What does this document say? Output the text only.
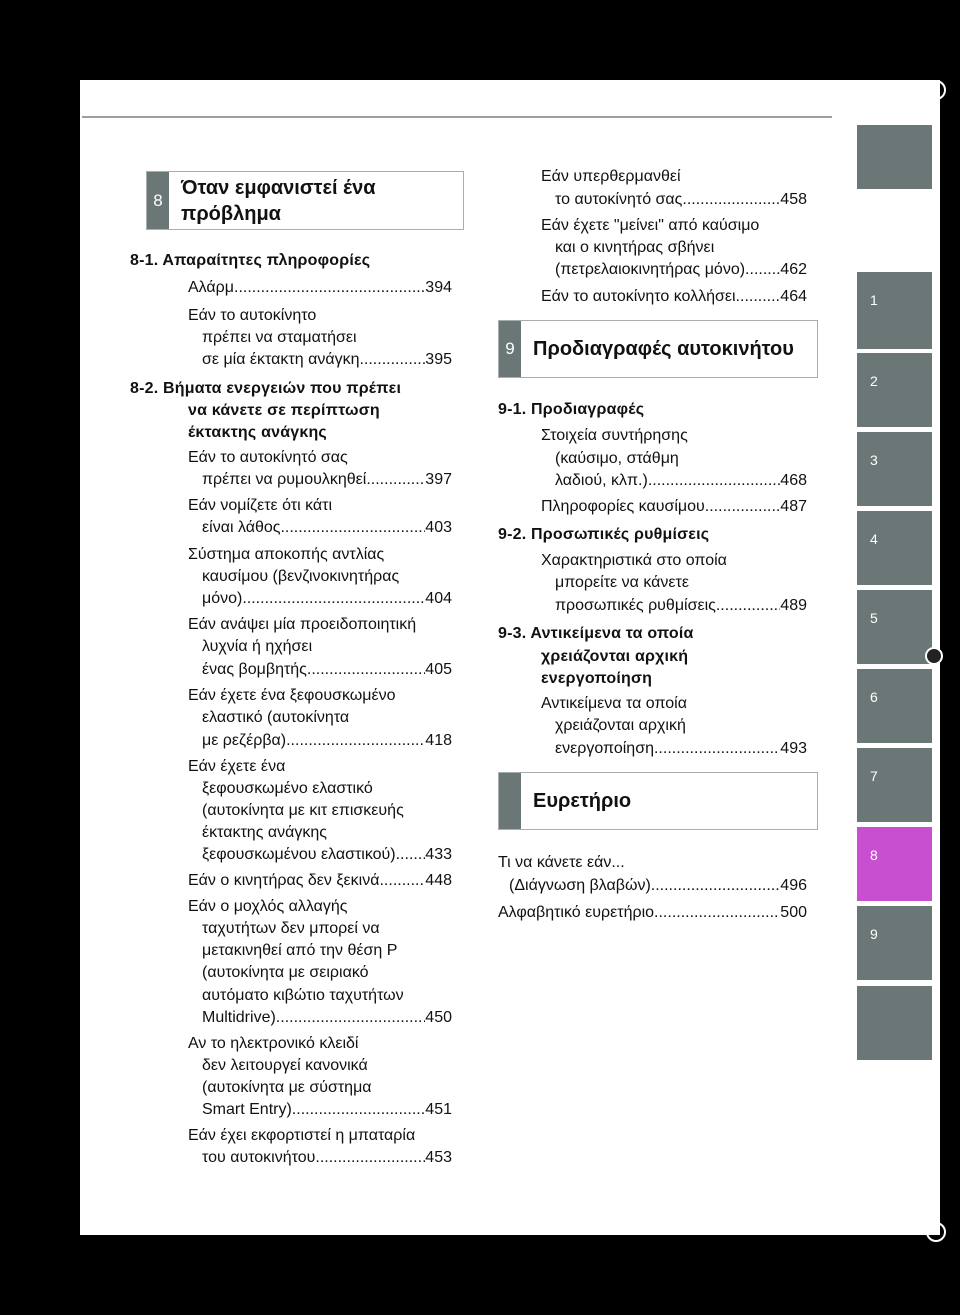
8
Όταν εμφανιστεί ένα
πρόβλημα
8-1. Απαραίτητες πληροφορίες
Αλάρμ .....	394
Εάν το αυτοκίνητο
πρέπει να σταματήσει
σε μία έκτακτη ανάγκη .....	395
8-2. Βήματα ενεργειών που πρέπει
να κάνετε σε περίπτωση
έκτακτης ανάγκης
Εάν το αυτοκίνητό σας
πρέπει να ρυμουλκηθεί .....	397
Εάν νομίζετε ότι κάτι
είναι λάθος .....	403
Σύστημα αποκοπής αντλίας
καυσίμου (βενζινοκινητήρας
μόνο) .....	404
Εάν ανάψει μία προειδοποιητική
λυχνία ή ηχήσει
ένας βομβητής .....	405
Εάν έχετε ένα ξεφουσκωμένο
ελαστικό (αυτοκίνητα
με ρεζέρβα) .....	418
Εάν έχετε ένα
ξεφουσκωμένο ελαστικό
(αυτοκίνητα με κιτ επισκευής
έκτακτης ανάγκης
ξεφουσκωμένου ελαστικού) ..... 433
Εάν ο κινητήρας δεν ξεκινά .....	448
Εάν ο μοχλός αλλαγής
ταχυτήτων δεν μπορεί να
μετακινηθεί από την θέση P
(αυτοκίνητα με σειριακό
αυτόματο κιβώτιο ταχυτήτων
Multidrive) .....	450
Αν το ηλεκτρονικό κλειδί
δεν λειτουργεί κανονικά
(αυτοκίνητα με σύστημα
Smart Entry) .....	451
Εάν έχει εκφορτιστεί η μπαταρία
του αυτοκινήτου .....	453
Εάν υπερθερμανθεί
το αυτοκίνητό σας .....	458
Εάν έχετε "μείνει" από καύσιμο
και ο κινητήρας σβήνει
(πετρελαιοκινητήρας μόνο) ..... 462
Εάν το αυτοκίνητο κολλήσει .....	464
9 Προδιαγραφές αυτοκινήτου
9-1. Προδιαγραφές
Στοιχεία συντήρησης
(καύσιμο, στάθμη
λαδιού, κλπ.) .....	468
Πληροφορίες καυσίμου .....	487
9-2. Προσωπικές ρυθμίσεις
Χαρακτηριστικά στο οποία
μπορείτε να κάνετε
προσωπικές ρυθμίσεις .....	489
9-3. Αντικείμενα τα οποία
χρειάζονται αρχική
ενεργοποίηση
Αντικείμενα τα οποία
χρειάζονται αρχική
ενεργοποίηση .....	493
Ευρετήριο
Τι να κάνετε εάν...
(Διάγνωση βλαβών) .....	496
Αλφαβητικό ευρετήριο .....	500
1
2
3
4
5
6
7
8
9
